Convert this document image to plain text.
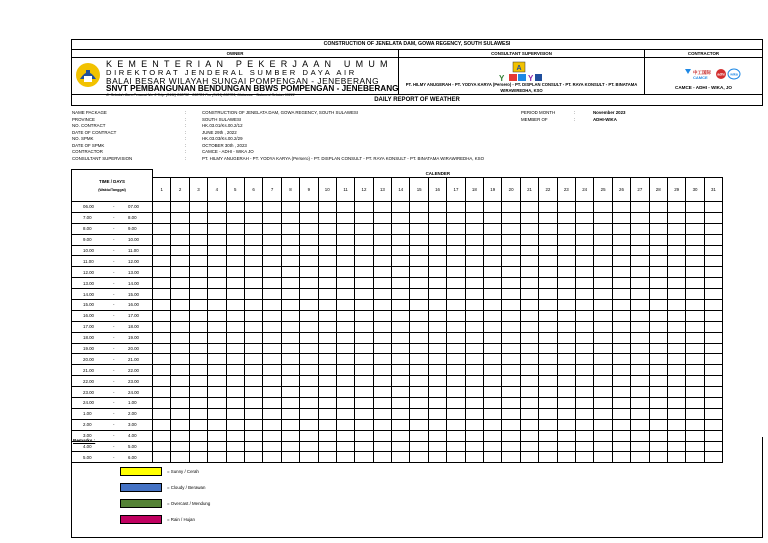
CONSTRUCTION OF JENELATA DAM, GOWA REGENCY, SOUTH SULAWESI
OWNER
KEMENTERIAN PEKERJAAN UMUM
DIREKTORAT JENDERAL SUMBER DAYA AIR
BALAI BESAR WILAYAH SUNGAI POMPENGAN - JENEBERANG
SNVT PEMBANGUNAN BENDUNGAN BBWS POMPENGAN - JENEBERANG
Jl. Sekolah Guru Perawat No. 3 Telp. (0411) 868752 · 868781 Fax (0411) 868781, Makassar · Sulawesi Selatan 90222
CONSULTANT SUPERVISION
A
Y	Y
PT. HILMY ANUGERAH - PT. YODYA KARYA (Persero) - PT. DISPLAN CONSULT - PT. RAYA KONSULT - PT. BINATAMA WIRAWIREDHA, KSO
CONTRACTOR
中工国际
CAMCE
adhi wika
CAMCE - ADHI - WIKA, JO
DAILY REPORT OF WEATHER
NAME PACKAGE	:	CONSTRUCTION OF JENELATA DAM, GOWA REGENCY, SOUTH SULAWESI	PERIOD MONTH	:	November 2023
PROVINCE	:	SOUTH SULAWESI	MEMBER OF	:	ADHI-WIKA
NO. CONTRACT	:	HK.03.01/Ks.00.2/12
DATE OF CONTRACT	:	JUNE 29th , 2022
NO. SPMK	:	HK.03.03/Ks.00.2/29
DATE OF SPMK	:	OCTOBER 30th , 2023
CONTRACTOR	:	CAMCE - ADHI - WIKA JO
CONSULTANT SUPERVISION	:	PT. HILMY ANUGERAH - PT. YODYA KARYA (Persero) - PT. DISPLAN CONSULT - PT. RAYA KONSULT - PT. BINATAMA WIRAWIREDHA, KSO
TIME / DAYS
(Waktu/Tanggal)	CALENDER																														
	1	2	3	4	5	6	7	8	9	10	11	12	13	14	15	16	17	18	19	20	21	22	23	24	25	26	27	28	29	30	31
06.00 - 07.00																															
7.00 - 8.00																															
8.00 - 9.00																															
9.00 - 10.00																															
10.00 - 11.00																															
11.00 - 12.00																															
12.00 - 13.00																															
13.00 - 14.00																															
14.00 - 15.00																															
15.00 - 16.00																															
16.00 - 17.00																															
17.00 - 18.00																															
18.00 - 19.00																															
19.00 - 20.00																															
20.00 - 21.00																															
21.00 - 22.00																															
22.00 - 23.00																															
23.00 - 24.00																															
24.00 - 1.00																															
1.00 - 2.00																															
2.00 - 3.00																															
3.00 - 4.00																															
4.00 - 5.00																															
5.00 - 6.00																															
Remarks :
= Sunny / Cerah
= Cloudy / Berawan
= Overcast / Mendung
= Rain / Hujan
